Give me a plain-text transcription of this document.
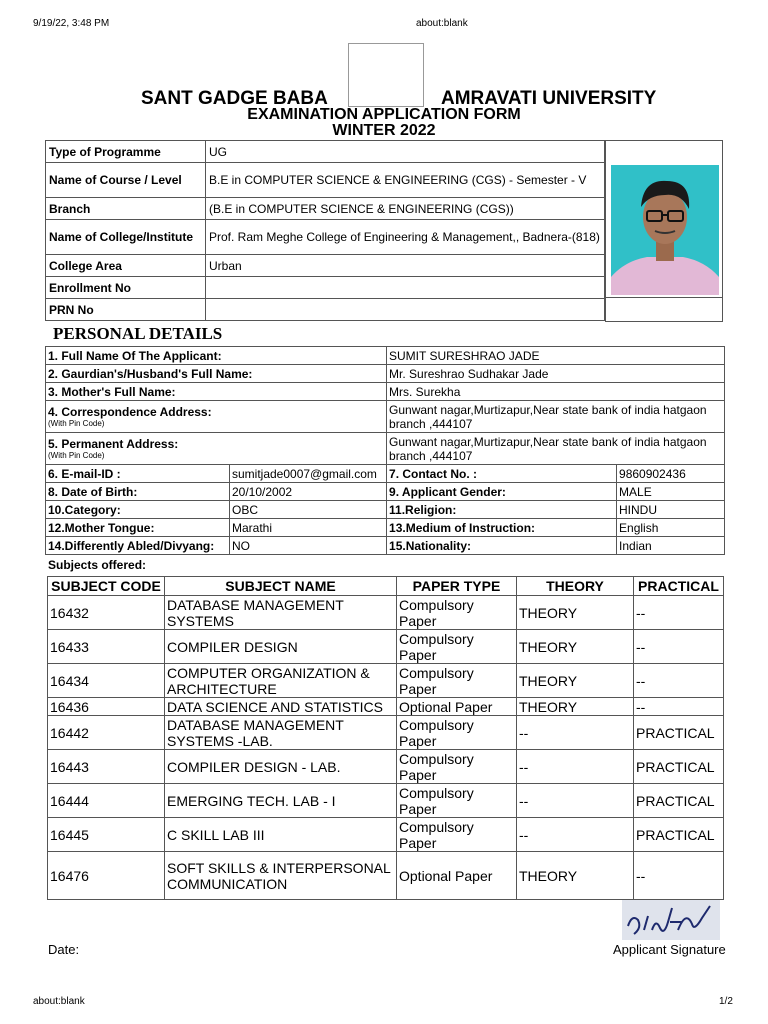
9/19/22, 3:48 PM	about:blank
about:blank	1/2
SANT GADGE BABA	AMRAVATI UNIVERSITY
EXAMINATION APPLICATION FORM
WINTER 2022
Type of Programme	UG
Name of Course / Level	B.E in COMPUTER SCIENCE & ENGINEERING (CGS) - Semester - V
Branch	(B.E in COMPUTER SCIENCE & ENGINEERING (CGS))
Name of College/Institute	Prof. Ram Meghe College of Engineering & Management,, Badnera-(818)
College Area	Urban
Enrollment No	
PRN No	
PERSONAL DETAILS
1. Full Name Of The Applicant:		SUMIT SURESHRAO JADE	
2. Gaurdian's/Husband's Full Name:		Mr. Sureshrao Sudhakar Jade	
3. Mother's Full Name:		Mrs. Surekha	
4. Correspondence Address:
(With Pin Code)		Gunwant nagar,Murtizapur,Near state bank of india hatgaon branch ,444107	
5. Permanent Address:
(With Pin Code)		Gunwant nagar,Murtizapur,Near state bank of india hatgaon branch ,444107	
6. E-mail-ID :	sumitjade0007@gmail.com	7. Contact No. :	9860902436
8. Date of Birth:	20/10/2002	9. Applicant Gender:	MALE
10.Category:	OBC	11.Religion:	HINDU
12.Mother Tongue:	Marathi	13.Medium of Instruction:	English
14.Differently Abled/Divyang:	NO	15.Nationality:	Indian
Subjects offered:
SUBJECT CODE	SUBJECT NAME	PAPER TYPE	THEORY	PRACTICAL
16432	DATABASE MANAGEMENT SYSTEMS	Compulsory Paper	THEORY	--
16433	COMPILER DESIGN	Compulsory Paper	THEORY	--
16434	COMPUTER ORGANIZATION & ARCHITECTURE	Compulsory Paper	THEORY	--
16436	DATA SCIENCE AND STATISTICS	Optional Paper	THEORY	--
16442	DATABASE MANAGEMENT SYSTEMS -LAB.	Compulsory Paper	--	PRACTICAL
16443	COMPILER DESIGN - LAB.	Compulsory Paper	--	PRACTICAL
16444	EMERGING TECH. LAB - I	Compulsory Paper	--	PRACTICAL
16445	C SKILL LAB III	Compulsory Paper	--	PRACTICAL
16476	SOFT SKILLS & INTERPERSONAL COMMUNICATION	Optional Paper	THEORY	--
Date:	Applicant Signature
